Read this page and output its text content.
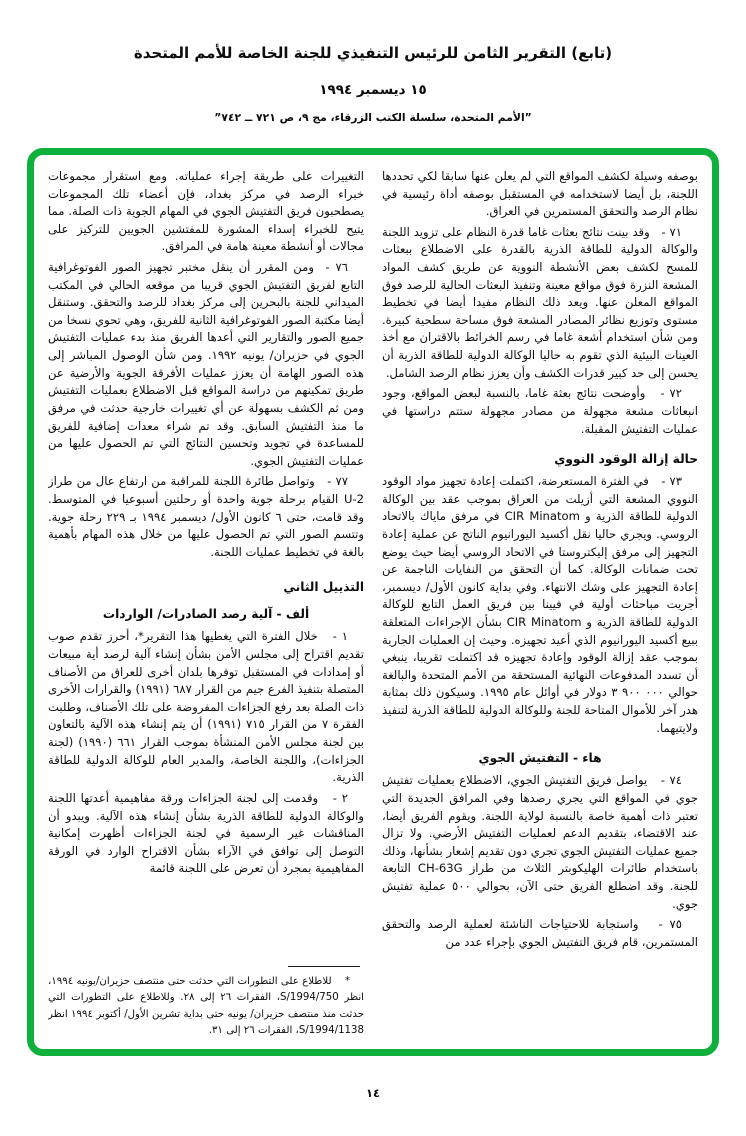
(تابع) التقرير الثامن للرئيس التنفيذي للجنة الخاصة للأمم المتحدة
١٥ ديسمبر ١٩٩٤
”الأمم المتحدة، سلسلة الكتب الزرقاء، مج ٩، ص ٧٢١ ــ ٧٤٢”

بوصفه وسيلة لكشف المواقع التي لم يعلن عنها سابقا لكي تحددها اللجنة، بل أيضا لاستخدامه في المستقبل بوصفه أداة رئيسية في نظام الرصد والتحقق المستمرين في العراق.

٧١ -   وقد بينت نتائج بعثات غاما قدرة النظام على تزويد اللجنة والوكالة الدولية للطاقة الذرية بالقدرة على الاضطلاع ببعثات للمسح لكشف بعض الأنشطة النووية عن طريق كشف المواد المشعة النزرة فوق مواقع معينة وتنفيذ البعثات الحالية للرصد فوق المواقع المعلن عنها. ويعد ذلك النظام مفيدا أيضا في تخطيط مستوى وتوزيع نظائر المصادر المشعة فوق مساحة سطحية كبيرة. ومن شأن استخدام أشعة غاما في رسم الخرائط بالاقتران مع أخذ العينات البيئية الذي تقوم به حاليا الوكالة الدولية للطاقة الذرية أن يحسن إلى حد كبير قدرات الكشف وأن يعزز نظام الرصد الشامل.

٧٢ -   وأوضحت نتائج بعثة غاما، بالنسبة لبعض المواقع، وجود انبعاثات مشعة مجهولة من مصادر مجهولة ستتم دراستها في عمليات التفتيش المقبلة.

حالة إزالة الوقود النووي

٧٣ -   في الفترة المستعرضة، اكتملت إعادة تجهيز مواد الوقود النووي المشعة التي أزيلت من العراق بموجب عقد بين الوكالة الدولية للطاقة الذرية و CIR Minatom في مرفق ماياك بالاتحاد الروسي. ويجري حاليا نقل أكسيد اليورانيوم الناتج عن عملية إعادة التجهيز إلى مرفق إليكتروستا في الاتحاد الروسي أيضا حيث يوضع تحت ضمانات الوكالة. كما أن التحقق من النفايات الناجمة عن إعادة التجهيز على وشك الانتهاء. وفي بداية كانون الأول/ ديسمبر، أجريت مباحثات أولية في فيينا بين فريق العمل التابع للوكالة الدولية للطاقة الذرية و CIR Minatom بشأن الإجراءات المتعلقة ببيع أكسيد اليورانيوم الذي أعيد تجهيزه. وحيث إن العمليات الجارية بموجب عقد إزالة الوقود وإعادة تجهيزه قد اكتملت تقريبا، ينبغي أن تسدد المدفوعات النهائية المستحقة من الأمم المتحدة والبالغة حوالي ٣ ٩٠٠ ٠٠٠ دولار في أوائل عام ١٩٩٥. وسيكون ذلك بمثابة هدر آخر للأموال المتاحة للجنة وللوكالة الدولية للطاقة الذرية لتنفيذ ولايتيهما.

هاء - التفتيش الجوي

٧٤ -   يواصل فريق التفتيش الجوي، الاضطلاع بعمليات تفتيش جوي في المواقع التي يجري رصدها وفي المرافق الجديدة التي تعتبر ذات أهمية خاصة بالنسبة لولاية اللجنة. ويقوم الفريق أيضا، عند الاقتضاء، بتقديم الدعم لعمليات التفتيش الأرضي. ولا تزال جميع عمليات التفتيش الجوي تجري دون تقديم إشعار بشأنها، وذلك باستخدام طائرات الهليكوبتر الثلاث من طراز CH-63G التابعة للجنة. وقد اضطلع الفريق حتى الآن، بحوالي ٥٠٠ عملية تفتيش جوي.

٧٥ -   واستجابة للاحتياجات الناشئة لعملية الرصد والتحقق المستمرين، قام فريق التفتيش الجوي بإجراء عدد من

التغييرات على طريقة إجراء عملياته. ومع استقرار مجموعات خبراء الرصد في مركز بغداد، فإن أعضاء تلك المجموعات يصطحبون فريق التفتيش الجوي في المهام الجوية ذات الصلة. مما يتيح للخبراء إسداء المشورة للمفتشين الجويين للتركيز على مجالات أو أنشطة معينة هامة في المرافق.

٧٦ -  ومن المقرر أن ينقل مختبر تجهيز الصور الفوتوغرافية التابع لفريق التفتيش الجوي قريبا من موقعه الحالي في المكتب الميداني للجنة بالبحرين إلى مركز بغداد للرصد والتحقق. وستنقل أيضا مكتبة الصور الفوتوغرافية الثانية للفريق، وهي تحوي نسخا من جميع الصور والتقارير التي أعدها الفريق منذ بدء عمليات التفتيش الجوي في حزيران/ يونيه ١٩٩٢. ومن شأن الوصول المباشر إلى هذه الصور الهامة أن يعزز عمليات الأفرقة الجوية والأرضية عن طريق تمكينهم من دراسة المواقع قبل الاضطلاع بعمليات التفتيش ومن ثم الكشف بسهولة عن أي تغييرات خارجية حدثت في مرفق ما منذ التفتيش السابق. وقد تم شراء معدات إضافية للفريق للمساعدة في تجويد وتحسين النتائج التي تم الحصول عليها من عمليات التفتيش الجوي.

٧٧ -   وتواصل طائرة اللجنة للمراقبة من ارتفاع عال من طراز U-2 القيام برحلة جوية واحدة أو رحلتين أسبوعيا في المتوسط. وقد قامت، حتى ٦ كانون الأول/ ديسمبر ١٩٩٤ بـ ٢٢٩ رحلة جوية. وتتسم الصور التي تم الحصول عليها من خلال هذه المهام بأهمية بالغة في تخطيط عمليات اللجنة.

التذييل الثاني
ألف - آلية رصد الصادرات/ الواردات

١ -   خلال الفترة التي يغطيها هذا التقرير*، أحرز تقدم صوب تقديم اقتراح إلى مجلس الأمن بشأن إنشاء آلية لرصد أية مبيعات أو إمدادات في المستقبل توفرها بلدان أخرى للعراق من الأصناف المتصلة بتنفيذ الفرع جيم من القرار ٦٨٧ (١٩٩١) والقرارات الأخرى ذات الصلة بعد رفع الجزاءات المفروضة على تلك الأصناف، وطلبت الفقرة ٧ من القرار ٧١٥ (١٩٩١) أن يتم إنشاء هذه الآلية بالتعاون بين لجنة مجلس الأمن المنشأة بموجب القرار ٦٦١ (١٩٩٠) (لجنة الجزاءات)، واللجنة الخاصة، والمدير العام للوكالة الدولية للطاقة الذرية.

٢ -   وقدمت إلى لجنة الجزاءات ورقة مفاهيمية أعدتها اللجنة والوكالة الدولية للطاقة الذرية بشأن إنشاء هذه الآلية. ويبدو أن المناقشات غير الرسمية في لجنة الجزاءات أظهرت إمكانية التوصل إلى توافق في الآراء بشأن الاقتراح الوارد في الورقة المفاهيمية بمجرد أن تعرض على اللجنة قائمة

*    للاطلاع على التطورات التي حدثت حتى منتصف حزيران/يونيه ١٩٩٤، انظر S/1994/750، الفقرات ٢٦ إلى ٢٨. وللاطلاع على التطورات التي حدثت منذ منتصف حزيران/ يونيه حتى بداية تشرين الأول/ أكتوبر ١٩٩٤ انظر S/1994/1138، الفقرات ٢٦ إلى ٣١.

١٤
